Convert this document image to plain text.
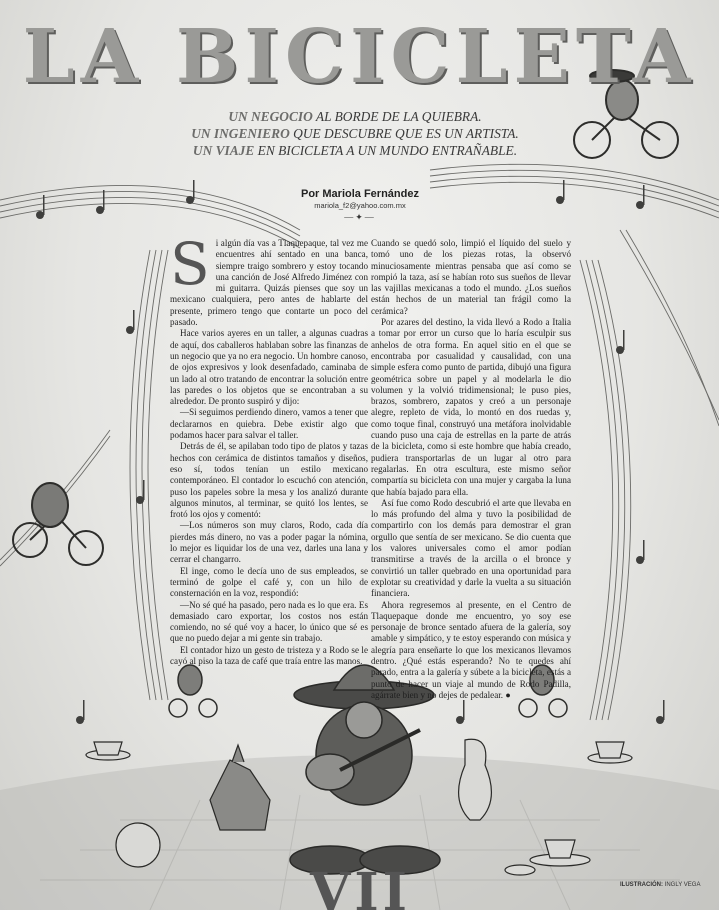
LA BICICLETA
UN NEGOCIO AL BORDE DE LA QUIEBRA.
UN INGENIERO QUE DESCUBRE QUE ES UN ARTISTA.
UN VIAJE EN BICICLETA A UN MUNDO ENTRAÑABLE.
Por Mariola Fernández
mariola_f2@yahoo.com.mx
—✦—
S i algún día vas a Tlaquepaque, tal vez me encuentres ahí sentado en una banca, siempre traigo sombrero y estoy tocando una canción de José Alfredo Jiménez con mi guitarra. Quizás pienses que soy un mexicano cualquiera, pero antes de hablarte del presente, primero tengo que contarte un poco del pasado.

Hace varios ayeres en un taller, a algunas cuadras de aquí, dos caballeros hablaban sobre las finanzas de un negocio que ya no era negocio. Un hombre canoso, de ojos expresivos y look desenfadado, caminaba de un lado al otro tratando de encontrar la solución entre las paredes o los objetos que se encontraban a su alrededor. De pronto suspiró y dijo:

—Si seguimos perdiendo dinero, vamos a tener que declararnos en quiebra. Debe existir algo que podamos hacer para salvar el taller.

Detrás de él, se apilaban todo tipo de platos y tazas hechos con cerámica de distintos tamaños y diseños, eso sí, todos tenían un estilo mexicano contemporáneo. El contador lo escuchó con atención, puso los papeles sobre la mesa y los analizó durante algunos minutos, al terminar, se quitó los lentes, se frotó los ojos y comentó:

—Los números son muy claros, Rodo, cada día pierdes más dinero, no vas a poder pagar la nómina, lo mejor es liquidar los de una vez, darles una lana y cerrar el changarro.

El inge, como le decía uno de sus empleados, se terminó de golpe el café y, con un hilo de consternación en la voz, respondió:

—No sé qué ha pasado, pero nada es lo que era. Es demasiado caro exportar, los costos nos están comiendo, no sé qué voy a hacer, lo único que sé es que no puedo dejar a mi gente sin trabajo.

El contador hizo un gesto de tristeza y a Rodo se le cayó al piso la taza de café que traía entre las manos.

Cuando se quedó solo, limpió el líquido del suelo y tomó uno de los piezas rotas, la observó minuciosamente mientras pensaba que así como se rompió la taza, así se habían roto sus sueños de llevar las vajillas mexicanas a todo el mundo. ¿Los sueños están hechos de un material tan frágil como la cerámica?

Por azares del destino, la vida llevó a Rodo a Italia a tomar por error un curso que lo haría esculpir sus anhelos de otra forma. En aquel sitio en el que se encontraba por casualidad y causalidad, con una simple esfera como punto de partida, dibujó una figura geométrica sobre un papel y al modelarla le dio volumen y la volvió tridimensional; le puso pies, brazos, sombrero, zapatos y creó a un personaje alegre, repleto de vida, lo montó en dos ruedas y, como toque final, construyó una metáfora inolvidable cuando puso una caja de estrellas en la parte de atrás de la bicicleta, como si este hombre que había creado, pudiera transportarlas de un lugar al otro para regalarlas. En otra escultura, este mismo señor compartía su bicicleta con una mujer y cargaba la luna que había bajado para ella.

Así fue como Rodo descubrió el arte que llevaba en lo más profundo del alma y tuvo la posibilidad de compartirlo con los demás para demostrar el gran orgullo que sentía de ser mexicano. Se dio cuenta que los valores universales como el amor podían transmitirse a través de la arcilla o el bronce y convirtió un taller quebrado en una oportunidad para explotar su creatividad y darle la vuelta a su situación financiera.

Ahora regresemos al presente, en el Centro de Tlaquepaque donde me encuentro, yo soy ese personaje de bronce sentado afuera de la galería, soy amable y simpático, y te estoy esperando con música y alegría para enseñarte lo que los mexicanos llevamos dentro. ¿Qué estás esperando? No te quedes ahí parado, entra a la galería y súbete a la bicicleta, estás a punto de hacer un viaje al mundo de Rodo Padilla, agárrate bien y no dejes de pedalear. ●

VII	ILUSTRACIÓN: INGLY VEGA
